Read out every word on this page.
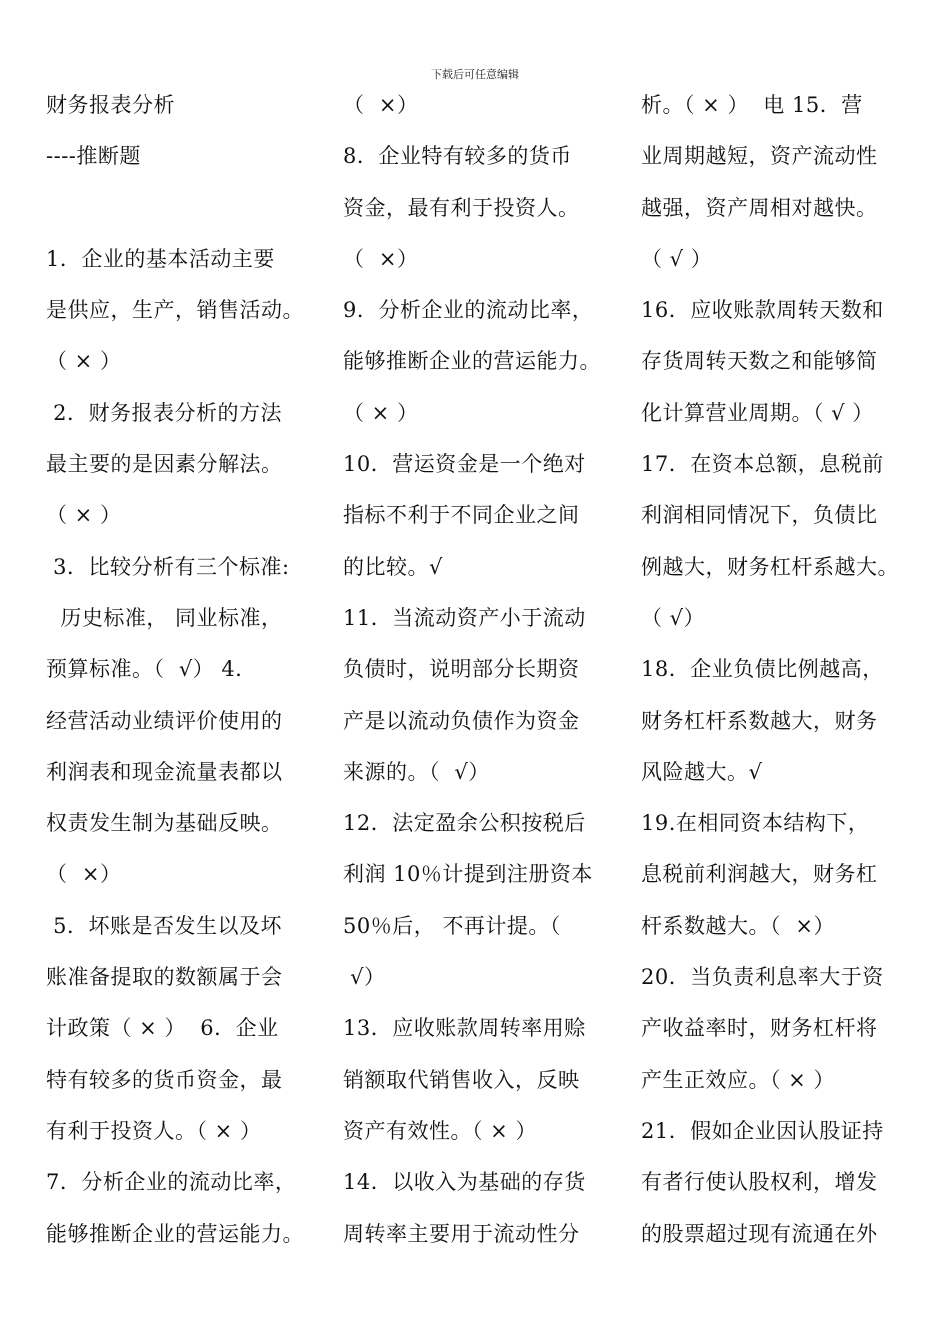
下载后可任意编辑
财务报表分析
----推断题
1．企业的基本活动主要
是供应，生产，销售活动。
（ × ）
2．财务报表分析的方法
最主要的是因素分解法。
（ × ）
3．比较分析有三个标准:
历史标准， 同业标准，
预算标准。（  √） 4．
经营活动业绩评价使用的
利润表和现金流量表都以
权责发生制为基础反映。
（  ×）
5．坏账是否发生以及坏
账准备提取的数额属于会
计政策（ × ）  6．企业
特有较多的货币资金，最
有利于投资人。（ × ）
7．分析企业的流动比率，
能够推断企业的营运能力。
（  ×）
8．企业特有较多的货币
资金，最有利于投资人。
（  ×）
9．分析企业的流动比率，
能够推断企业的营运能力。
（ × ）
10．营运资金是一个绝对
指标不利于不同企业之间
的比较。√
11．当流动资产小于流动
负债时，说明部分长期资
产是以流动负债作为资金
来源的。（  √）
12．法定盈余公积按税后
利润 10％计提到注册资本
50％后， 不再计提。（
√）
13．应收账款周转率用赊
销额取代销售收入，反映
资产有效性。（ × ）
14．以收入为基础的存货
周转率主要用于流动性分
析。（ × ）  电 15．营
业周期越短，资产流动性
越强，资产周相对越快。
（ √ ）
16．应收账款周转天数和
存货周转天数之和能够简
化计算营业周期。（ √ ）
17．在资本总额，息税前
利润相同情况下，负债比
例越大，财务杠杆系越大。
（ √）
18．企业负债比例越高，
财务杠杆系数越大，财务
风险越大。√
19.在相同资本结构下，
息税前利润越大，财务杠
杆系数越大。（  ×）
20．当负责利息率大于资
产收益率时，财务杠杆将
产生正效应。（ × ）
21．假如企业因认股证持
有者行使认股权利，增发
的股票超过现有流通在外
